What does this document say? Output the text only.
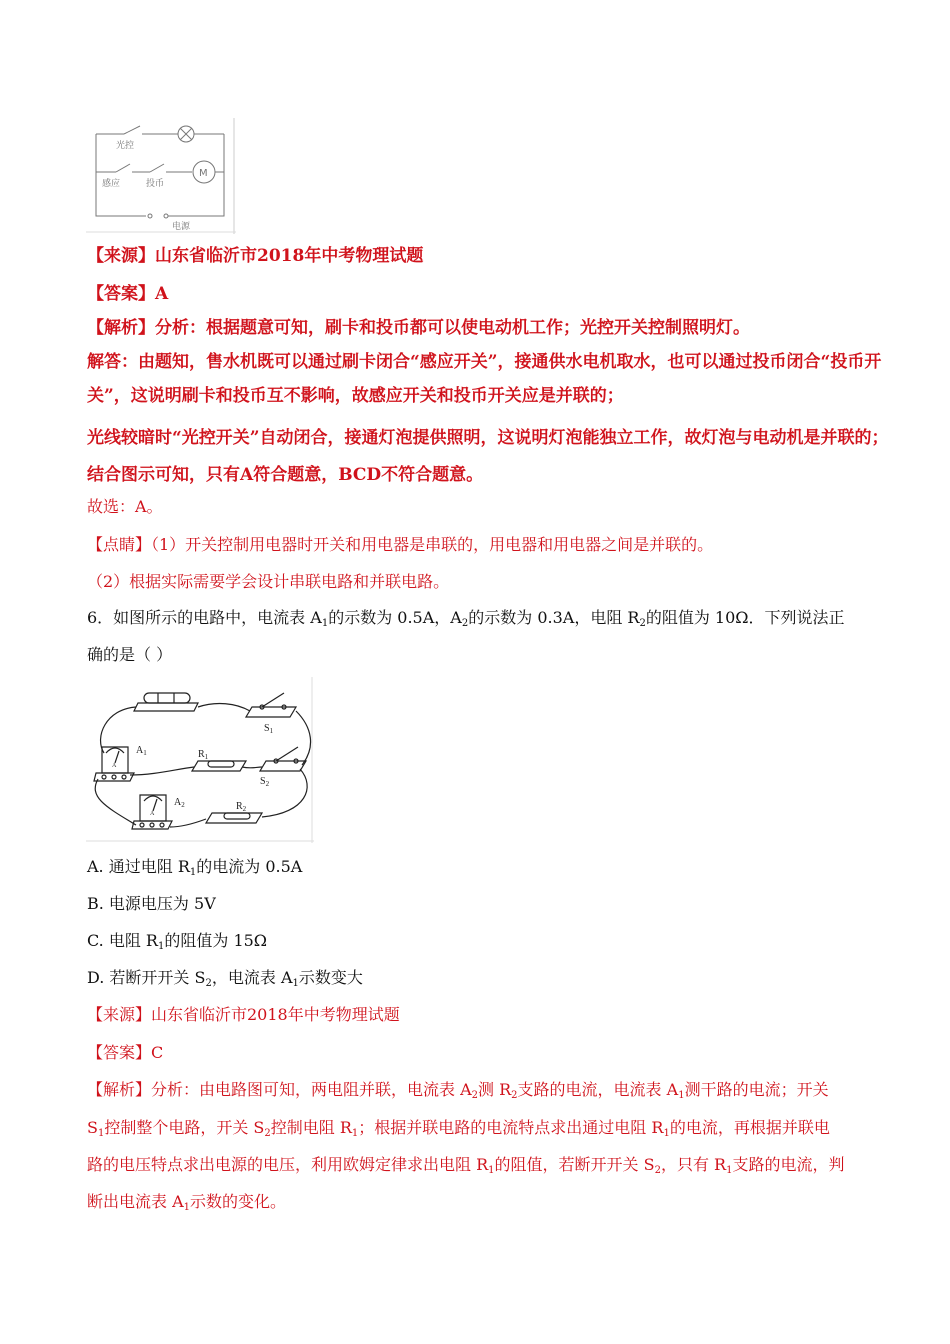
光控
感应	投币
电源
M
【来源】山东省临沂市2018年中考物理试题
【答案】A
【解析】分析：根据题意可知，刷卡和投币都可以使电动机工作；光控开关控制照明灯。
解答：由题知，售水机既可以通过刷卡闭合“感应开关”，接通供水电机取水，也可以通过投币闭合“投币开
关”，这说明刷卡和投币互不影响，故感应开关和投币开关应是并联的；
光线较暗时“光控开关”自动闭合，接通灯泡提供照明，这说明灯泡能独立工作，故灯泡与电动机是并联的；
结合图示可知，只有A符合题意，BCD不符合题意。
故选：A。
【点睛】（1）开关控制用电器时开关和用电器是串联的，用电器和用电器之间是并联的。
（2）根据实际需要学会设计串联电路和并联电路。
6．如图所示的电路中，电流表 $A_1$的示数为 0.5A，$A_2$的示数为 0.3A，电阻 $R_2$的阻值为 10Ω．下列说法正
确的是（ ）
$S_1$
$S_2$
$A_1$
$A_2$
$R_1$
$R_2$
A
A
A. 通过电阻 $R_1$的电流为 0.5A
B. 电源电压为 5V
C. 电阻 $R_1$的阻值为 15Ω
D. 若断开开关 $S_2$，电流表 $A_1$示数变大
【来源】山东省临沂市2018年中考物理试题
【答案】C
【解析】分析：由电路图可知，两电阻并联，电流表 $A_2$测 $R_2$支路的电流，电流表 $A_1$测干路的电流；开关
$S_1$控制整个电路，开关 $S_2$控制电阻 $R_1$；根据并联电路的电流特点求出通过电阻 $R_1$的电流，再根据并联电
路的电压特点求出电源的电压，利用欧姆定律求出电阻 $R_1$的阻值，若断开开关 $S_2$，只有 $R_1$支路的电流，判
断出电流表 $A_1$示数的变化。
